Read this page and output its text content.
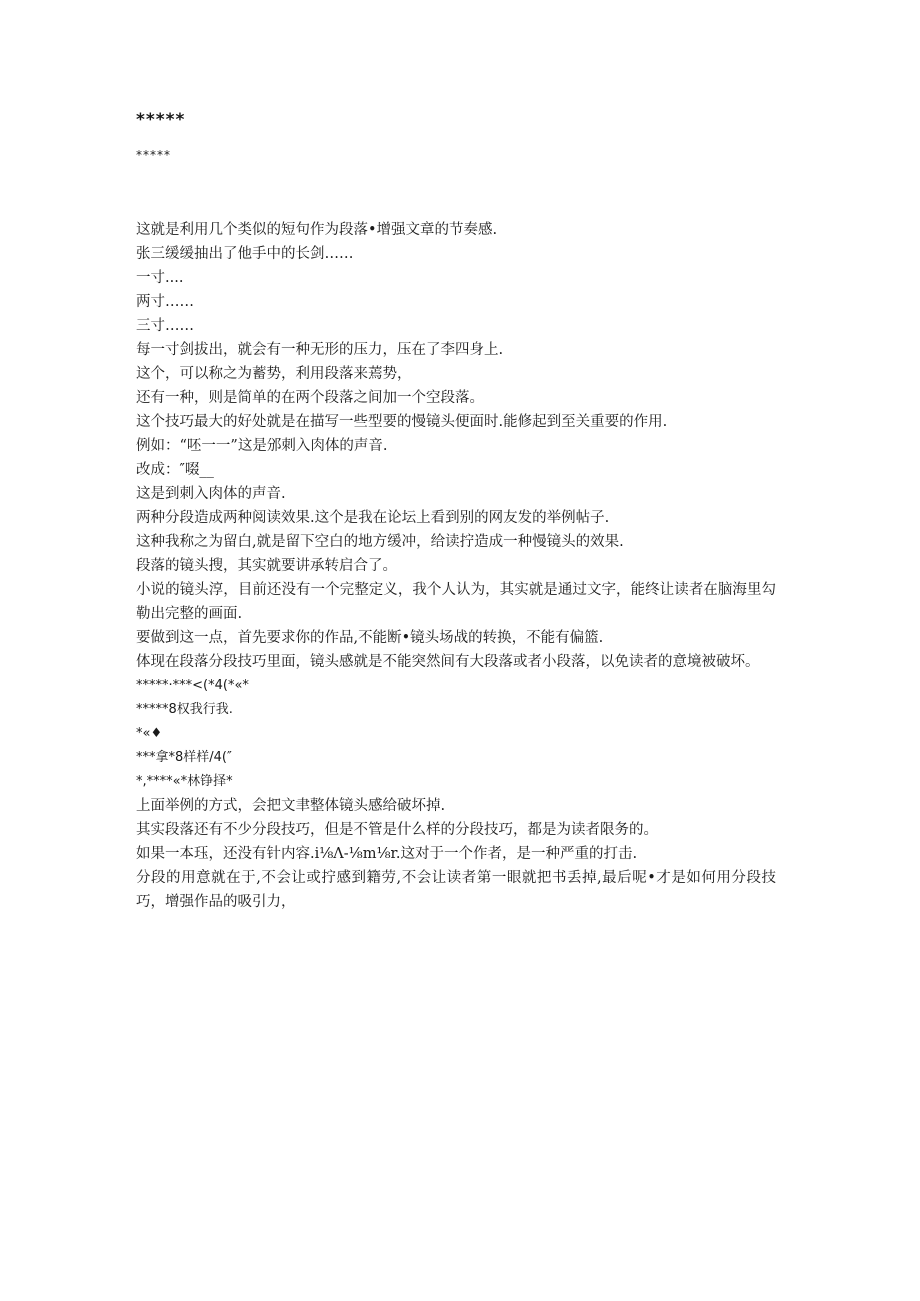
*****
*****
这就是利用几个类似的短句作为段落•增强文章的节奏感.
张三缓缓抽出了他手中的长剑……
一寸....
两寸……
三寸……
每一寸剑拔出，就会有一种无形的压力，压在了李四身上.
这个，可以称之为蓄势，利用段落来蔫势，
还有一种，则是简单的在两个段落之间加一个空段落。
这个技巧最大的好处就是在描写一些型要的慢镜头便面时.能修起到至关重要的作用.
例如：“呸一一”这是邠刺入肉体的声音.
改成：″啜__
这是到刺入肉体的声音.
两种分段造成两种阅读效果.这个是我在论坛上看到别的网友发的举例帖子.
这种我称之为留白,就是留下空白的地方缓冲，给读拧造成一种慢镜头的效果.
段落的镜头搜，其实就要讲承转启合了。
小说的镜头淳，目前还没有一个完整定义，我个人认为，其实就是通过文字，能终让读者在脑海里勾勒出完整的画面.
要做到这一点，首先要求你的作品,不能断•镜头场战的转换，不能有偏篮.
体现在段落分段技巧里面，镜头感就是不能突然间有大段落或者小段落，以免读者的意境被破坏。
*****·***<(*4(*«*
*****8权我行我.
*«♦
***拿*8样样/4(″
*,****«*林铮择*
上面举例的方式，会把文聿整体镜头感给破坏掉.
其实段落还有不少分段技巧，但是不管是什么样的分段技巧，都是为读者限务的。
如果一本珏，还没有针内容.i⅛Λ-⅛m⅛r.这对于一个作者，是一种严重的打击.
分段的用意就在于,不会让或拧感到籍劳,不会让读者第一眼就把书丢掉,最后呢•才是如何用分段技巧，增强作品的吸引力，
